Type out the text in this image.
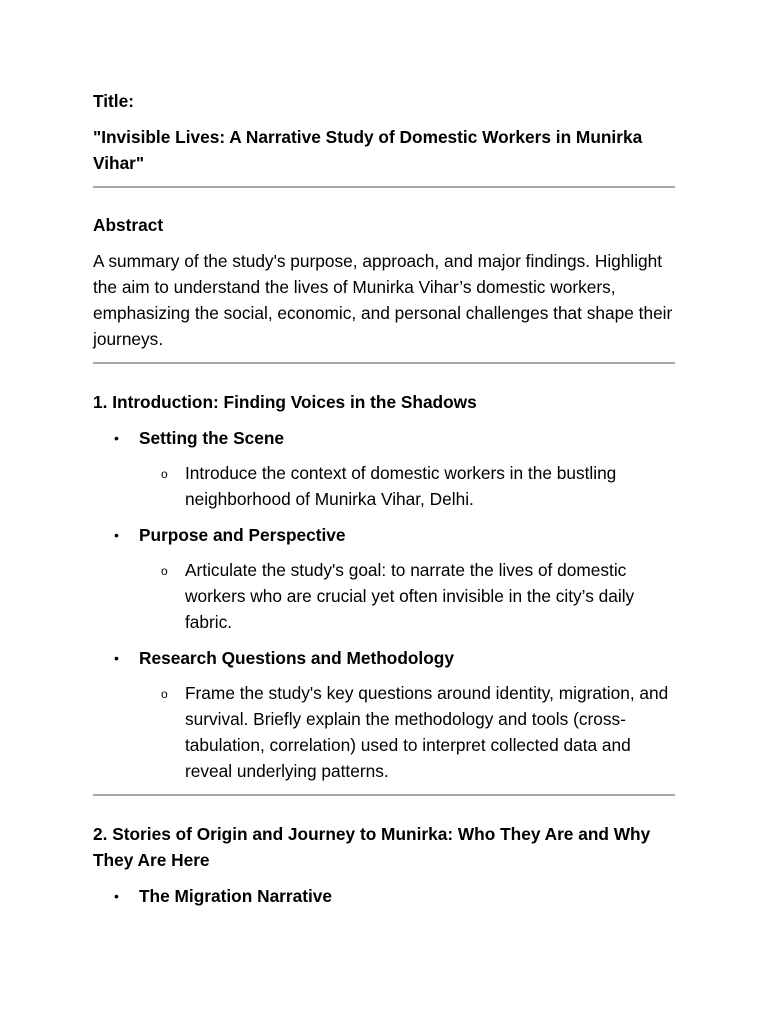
Title:

"Invisible Lives: A Narrative Study of Domestic Workers in Munirka Vihar"

Abstract

A summary of the study's purpose, approach, and major findings. Highlight the aim to understand the lives of Munirka Vihar’s domestic workers, emphasizing the social, economic, and personal challenges that shape their journeys.

1. Introduction: Finding Voices in the Shadows

• Setting the Scene

o Introduce the context of domestic workers in the bustling neighborhood of Munirka Vihar, Delhi.

• Purpose and Perspective

o Articulate the study's goal: to narrate the lives of domestic workers who are crucial yet often invisible in the city’s daily fabric.

• Research Questions and Methodology

o Frame the study's key questions around identity, migration, and survival. Briefly explain the methodology and tools (cross-tabulation, correlation) used to interpret collected data and reveal underlying patterns.

2. Stories of Origin and Journey to Munirka: Who They Are and Why They Are Here

• The Migration Narrative
